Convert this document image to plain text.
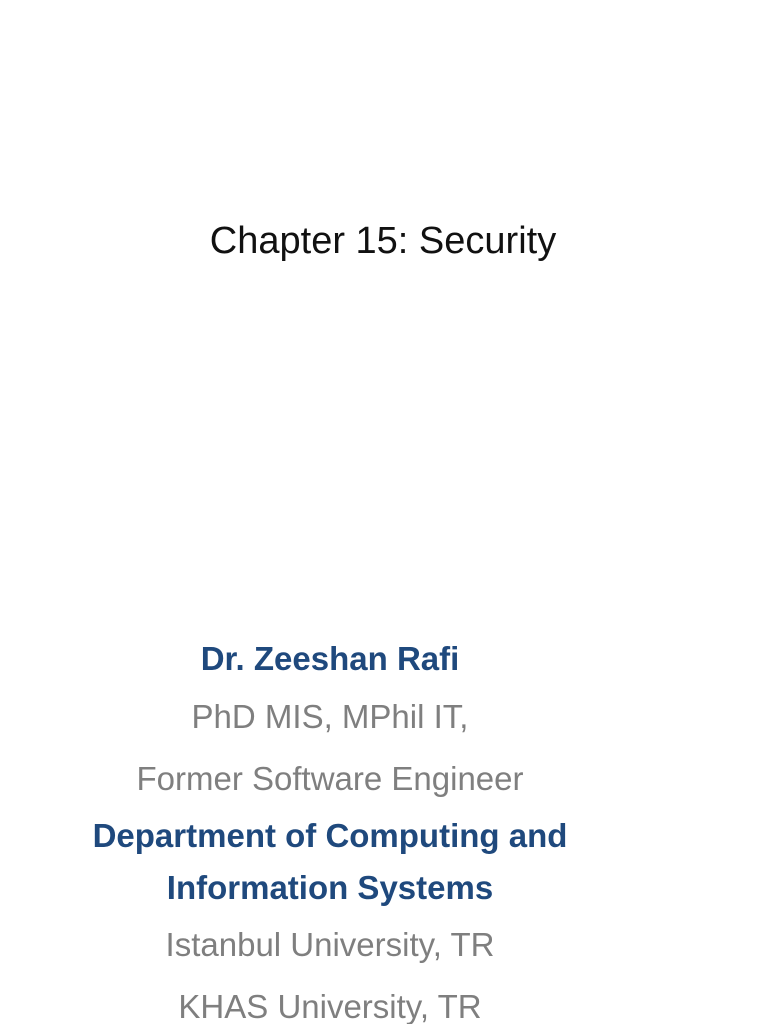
Chapter 15: Security
Dr. Zeeshan Rafi
PhD MIS, MPhil IT,
Former Software Engineer
Department of Computing and
Information Systems
Istanbul University, TR
KHAS University, TR
